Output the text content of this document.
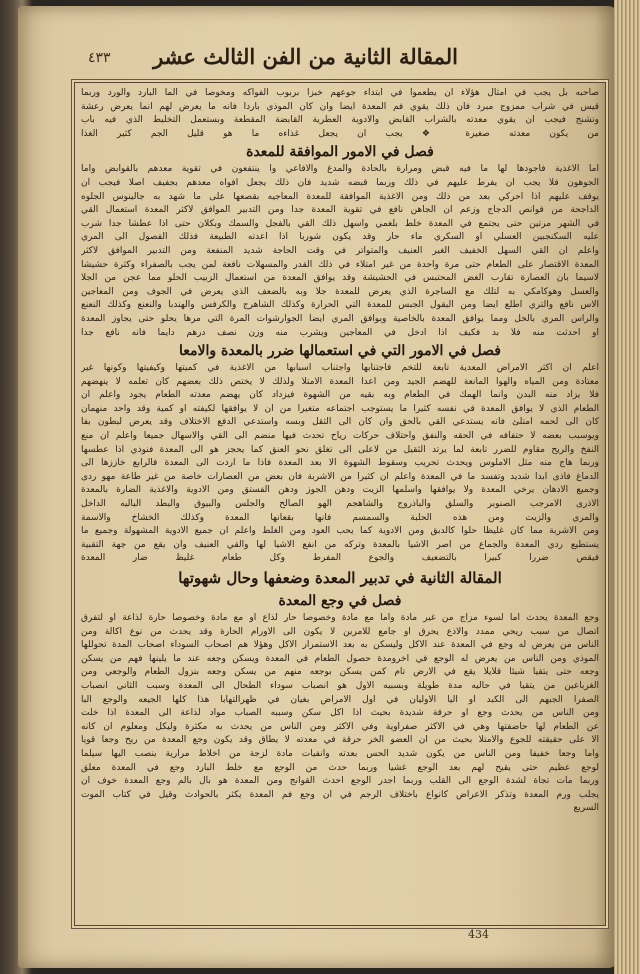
المقالة الثانية من الفن الثالث عشر
٤٣٣
صاحبه بل يجب في امثال هؤلاء ان يطعموا في ابتداء جوعهم خبزا بربوب الفواكه ومخوصا في الما البارد والورد وربما
قيس في شراب ممزوج مبرد فان ذلك يقوي فم المعدة ايضا وان كان الموذي باردا فانه ما يعرض لهم انما يعرض رعشة
وتشنج فيجب ان يقوي معدته بالشراب القابض والادوية العطرية القابضة المقطعة وبستعمل التخليط الذي فيه باب
من يكون معدته صغيرة ❖ يجب ان يجعل غذاءه ما هو قليل الجم كثير الغذا
فصل في الامور الموافقة للمعدة
اما الاغذية فاجودها لها ما فيه قبض ومرارة بالحادة والمدغ والافاعي وا ينتفعون في تقوية معدهم بالقوابض واما
الجوهون فلا يجب ان يفرط عليهم في ذلك وربما قبضه شديد فان ذلك يجعل افواه معدهم بجفيف اصلا فيجب ان
يوقف عليهم اذا احركي بعد من ذلك ومن الاغذية الموافقة للمعدة المعاجيه بقصعها على ما شهد به جالينوس الجلوه
الداجحة من قوانص الدجاج وزعم ان الجاهن نافع في تقوية المعدة جدا ومن التدبير الموافق لاكثر المعدة استعمال القي
في الشهر مرتين حتى يجتمع في المعدة خلط بلغمي واسهل ذلك القي بالفجل والسمك وبكلان حتى اذا عطشا جدا شرب
عليه السكنجبين العسلي او السكري ماء حار وقد يكون شوربا اذا اعدته الطبيعة فذلك الفصول الى المري
واعلم ان القي السهل الخفيف الغير العنيف والمتواتر في وقت الحاجة شديد المنفعة ومن التدبير الموافق لاكثر
المعدة الاقتصار على الطعام حتى مرة واحدة من غير امتلاء في ذلك القدر والمسهلات نافعة لمن يجب بالصفراء وكثرة حشيشا
لاسيما بان العصارة تقارب الغض المحتبس في الحشيشة وقد يوافق المعدة من استعمال الزبيب الحلو مما عجن من الجلا
والعسل وهوكامكي به لتلك مع الساجرة الذي يعرض للمعدة جلا وبه بالضعف الذي يعرض في الجوف ومن المعاجين
الاس نافع والتري اطلع ايضا ومن البقول الجبس للمعدة التي الحرارة وكذلك الشاهرج والكرفس والهندبا والنعنع وكذلك النعنع
والراس المري بالخل ومما يوافق المعدة بالخاصية ويوافق المري ايضا الجوارشوات المرة التي مرها يحلو حتى يجاوز المعدة
او احدثت منه فلا بد فكيف اذا ادخل في المعاجين ويشرب منه وزن نصف درهم دايما فانه نافع جدا
فصل في الامور التي في استعمالها ضرر بالمعدة والامعا
اعلم ان اكثر الامراض المعدية تابعة للتخم فاجتنابها واجتناب اسبابها من الاغذية في كميتها وكيفيتها وكونها غير
معتادة ومن المياه والهوا المانعة للهضم الجيد ومن اعدا المعدة الامتلا ولذلك لا يختص ذلك بعضهم كان تعلمه لا ينهضهم
فلا يزاد منه البدن وانما الهمك في الطعام وبه بقيه من الشهوة فيزداد كان يهضم معدته الطعام يجود واعلم ان
الطعام الذي لا يوافق المعدة في نفسه كثيرا ما يستوجب اجتماعه متغيرا من ان لا يوافقها لكيفته او كمية وقد واحد منهمان
كان الى لحمه امتلئ فانه يستدعي القي بالحق وان كان الى الثقل وبسه واستدعي الدفع الاختلاف وقد يعرض لبطون بفا
ويوسبب بعضه لا حتفافه في الحقه والنفق واحتلاف حركات رياح تحدث فيها منضم الى القي والاسهال جميعا واعلم ان منع
النفخ والريح مقاوم للضرر تابعة لما يرتد الثقيل من لاعلى الى تغلق نحو العنق كما يحجز هو الى المعدة فنوذي اذا عطسها
وربما هاج منه مثل الاملوس ويحدث تحريب وسقوط الشهوة الا بعد المعدة فاذا ما اردت الى المعدة فالرابع خاززها الى
الدماغ فاذى ابدا شديد وتفسد ما في المعدة واعلم ان كثيرا من الاشربة فان بعض من العصارات خاصة من غير طاعة مهو ردى
وجميع الادهان يرخي المعدة ولا يوافقها واسلمها الزيت ودهن الجوز ودهن الفستق ومن الادوية والاغذية الضارة بالمعدة
الاذرى الامرجب الصنوبر والسلق والباذروج والشاهجم الهو الصالح والجلس والبيوق والبطد الباليه الداخل
والمري والزيت ومن هذه الحلبة والسمسم فانها بقعانها المعدة وكذلك الخشاخ والاسمة
ومن الاشربة مما كان غليظا حلوا كالدبق ومن الادوية كما يحب العود ومن الغلط واعلم ان جميع الادوية المشهولة وجميع ما
يستطيع ردي المعدة والجماع من اصر الاشيا بالمعدة وتركه من انفع الاشيا لها والقي العنيف وان يقع من جهة التقبية
فيقص ضررا كبيرا بالتضعيف والجوع المفرط وكل طعام غليظ ضار المعدة
المقالة الثانية في تدبير المعدة وضعفها وحال شهوتها
فصل في وجع المعدة
وجع المعدة يحدث اما لسوء مزاج من غير مادة واما مع مادة وخصوصا حار لذاع او مع مادة وخصوصا حارة لذاعة او لتفرق
اتصال من سبب ريحي ممدد والاذع يحرق او جامع للامرين لا يكون الى الاورام الحارة وقد يحدث من نوع اكالة ومن
الناس من يعرض له وجع في المعدة عند الاكل وليسكن به بعد الاستمرار الاكل وهؤلا هم اصحاب السوداء اصحاب المدة تحوللها
الموذي ومن الناس من يعرض له الوجع في اخرومدة حصول الطعام في المعدة ويسكن وجعه عند ما يلينها فهم من يسكن
وجعه حتى يتقيا شيئا قلايلا يقع في الارض تام كمن يسكن بوجعه منهم من يسكن وجعه بنزول الطعام والوجعي ومن
الغرباعين من يتقيا في حاليه مدة طويلة وبسببه الاول هو انصباب سوداء الطحال الى المعدة وسبب الثاني انصباب
الصفرا الجبهم الى الكبد او اليا الاوليان في اول الامراض بغيان في ظهرالتهابا هذا كلها الجيعه والوجع البا
ومن الناس من يحدث وجع او حرقة شديدة بحيث اذا اكل سكن وسببه الصباب مواد لذاعة الى المعدة اذا خلت
عن الطعام لها حاضفتها وهي في الاكثر صفراوية وفي الاكثر ومن الناس من يحدث به مكثرة وليكل ومعلوم ان كانه
الا على حقيقته للجوع والامتلا بحيث من ان العضو الخر حرقة في معدته لا يطاق وقد يكون وجع المعدة من ريح وجعا قويا
واما وجعا خفيفا ومن الناس من يكون شديد الحس بعدته وانفيات مادة لزجة من اخلاط مرارية بنصب اليها سيلما
لوجع عظيم حتى يقيح لهم بعد الوجع غشيا وربما حدث من الوجع مع خلط البارد وجع في المعدة معلق
وربما مات تجاة لشدة الوجع الى القلب وربما اجدر الوجع احدث القوانج ومن المعدة هو بال بالم وجع المعدة خوف ان
يجلب ورم المعدة وتذكر الاعراض كانواع باختلاف الرجم في ان وجع فم المعدة يكثر بالحوادث وقيل في كتاب الموت
السريع
434
